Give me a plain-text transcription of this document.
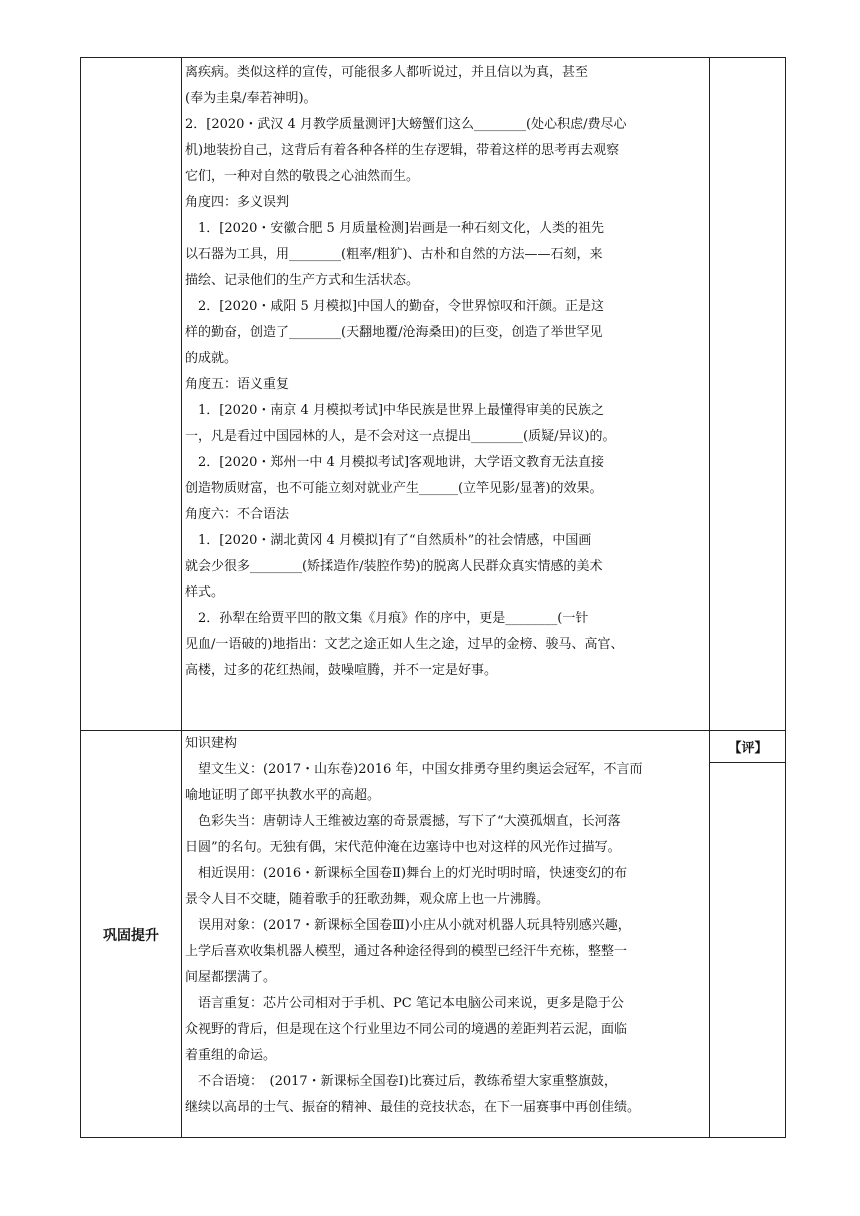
巩固提升
【评】

离疾病。类似这样的宣传，可能很多人都听说过，并且信以为真，甚至

(奉为圭臬/奉若神明)。

2．[2020・武汉 4 月教学质量测评]大螃蟹们这么________(处心积虑/费尽心

机)地装扮自己，这背后有着各种各样的生存逻辑，带着这样的思考再去观察

它们，一种对自然的敬畏之心油然而生。

角度四：多义误判

　1．[2020・安徽合肥 5 月质量检测]岩画是一种石刻文化，人类的祖先

以石器为工具，用________(粗率/粗犷)、古朴和自然的方法——石刻，来

描绘、记录他们的生产方式和生活状态。

　2．[2020・咸阳 5 月模拟]中国人的勤奋，令世界惊叹和汗颜。正是这

样的勤奋，创造了________(天翻地覆/沧海桑田)的巨变，创造了举世罕见

的成就。

角度五：语义重复

　1．[2020・南京 4 月模拟考试]中华民族是世界上最懂得审美的民族之

一，凡是看过中国园林的人，是不会对这一点提出________(质疑/异议)的。

　2．[2020・郑州一中 4 月模拟考试]客观地讲，大学语文教育无法直接

创造物质财富，也不可能立刻对就业产生______(立竿见影/显著)的效果。

角度六：不合语法

　1．[2020・湖北黄冈 4 月模拟]有了“自然质朴”的社会情感，中国画

就会少很多________(矫揉造作/装腔作势)的脱离人民群众真实情感的美术

样式。

　2．孙犁在给贾平凹的散文集《月痕》作的序中，更是________(一针

见血/一语破的)地指出：文艺之途正如人生之途，过早的金榜、骏马、高官、

高楼，过多的花红热闹，鼓噪喧腾，并不一定是好事。

知识建构

　望文生义：(2017・山东卷)2016 年，中国女排勇夺里约奥运会冠军，不言而

喻地证明了郎平执教水平的高超。

　色彩失当：唐朝诗人王维被边塞的奇景震撼，写下了“大漠孤烟直，长河落

日圆”的名句。无独有偶，宋代范仲淹在边塞诗中也对这样的风光作过描写。

　相近误用：(2016・新课标全国卷Ⅱ)舞台上的灯光时明时暗，快速变幻的布

景令人目不交睫，随着歌手的狂歌劲舞，观众席上也一片沸腾。

　误用对象：(2017・新课标全国卷Ⅲ)小庄从小就对机器人玩具特别感兴趣，

上学后喜欢收集机器人模型，通过各种途径得到的模型已经汗牛充栋，整整一

间屋都摆满了。

　语言重复：芯片公司相对于手机、PC 笔记本电脑公司来说，更多是隐于公

众视野的背后，但是现在这个行业里边不同公司的境遇的差距判若云泥，面临

着重组的命运。

　不合语境：　(2017・新课标全国卷Ⅰ)比赛过后，教练希望大家重整旗鼓，

继续以高昂的士气、振奋的精神、最佳的竞技状态，在下一届赛事中再创佳绩。
